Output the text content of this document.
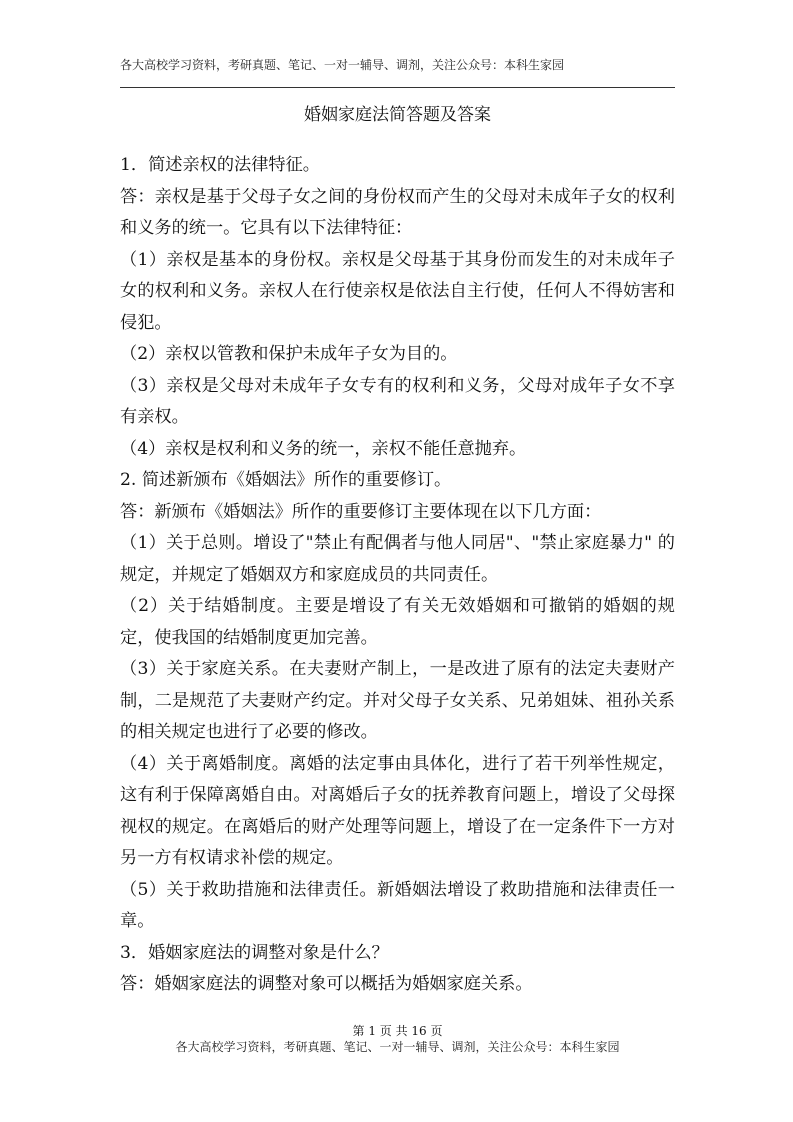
各大高校学习资料，考研真题、笔记、一对一辅导、调剂，关注公众号：本科生家园
婚姻家庭法简答题及答案

1．简述亲权的法律特征。

答：亲权是基于父母子女之间的身份权而产生的父母对未成年子女的权利和义务的统一。它具有以下法律特征：

（1）亲权是基本的身份权。亲权是父母基于其身份而发生的对未成年子女的权利和义务。亲权人在行使亲权是依法自主行使，任何人不得妨害和侵犯。

（2）亲权以管教和保护未成年子女为目的。

（3）亲权是父母对未成年子女专有的权利和义务，父母对成年子女不享有亲权。

（4）亲权是权利和义务的统一，亲权不能任意抛弃。

2. 简述新颁布《婚姻法》所作的重要修订。

答：新颁布《婚姻法》所作的重要修订主要体现在以下几方面：

（1）关于总则。增设了"禁止有配偶者与他人同居"、"禁止家庭暴力" 的规定，并规定了婚姻双方和家庭成员的共同责任。

（2）关于结婚制度。主要是增设了有关无效婚姻和可撤销的婚姻的规定，使我国的结婚制度更加完善。

（3）关于家庭关系。在夫妻财产制上，一是改进了原有的法定夫妻财产制，二是规范了夫妻财产约定。并对父母子女关系、兄弟姐妹、祖孙关系的相关规定也进行了必要的修改。

（4）关于离婚制度。离婚的法定事由具体化，进行了若干列举性规定，这有利于保障离婚自由。对离婚后子女的抚养教育问题上，增设了父母探视权的规定。在离婚后的财产处理等问题上，增设了在一定条件下一方对另一方有权请求补偿的规定。

（5）关于救助措施和法律责任。新婚姻法增设了救助措施和法律责任一章。

3．婚姻家庭法的调整对象是什么？

答：婚姻家庭法的调整对象可以概括为婚姻家庭关系。

第 1 页 共 16 页
各大高校学习资料，考研真题、笔记、一对一辅导、调剂，关注公众号：本科生家园
